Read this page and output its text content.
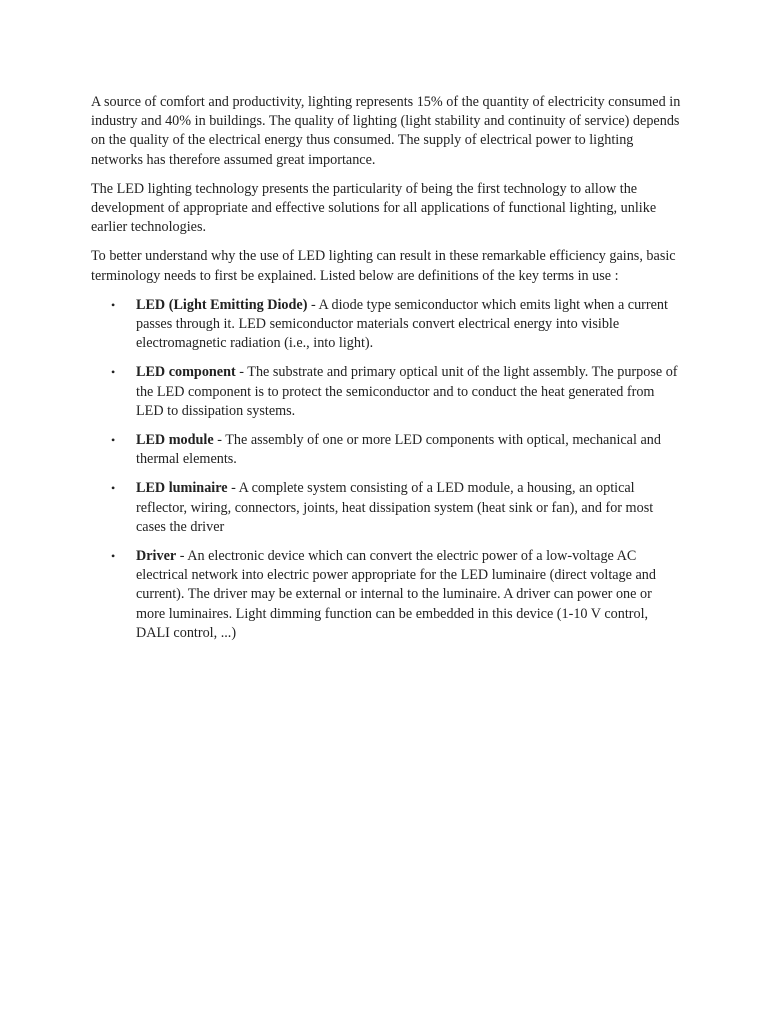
A source of comfort and productivity, lighting represents 15% of the quantity of electricity consumed in industry and 40% in buildings. The quality of lighting (light stability and continuity of service) depends on the quality of the electrical energy thus consumed. The supply of electrical power to lighting networks has therefore assumed great importance.

The LED lighting technology presents the particularity of being the first technology to allow the development of appropriate and effective solutions for all applications of functional lighting, unlike earlier technologies.

To better understand why the use of LED lighting can result in these remarkable efficiency gains, basic terminology needs to first be explained. Listed below are definitions of the key terms in use :

• LED (Light Emitting Diode) - A diode type semiconductor which emits light when a current passes through it. LED semiconductor materials convert electrical energy into visible electromagnetic radiation (i.e., into light).
• LED component - The substrate and primary optical unit of the light assembly. The purpose of the LED component is to protect the semiconductor and to conduct the heat generated from LED to dissipation systems.
• LED module - The assembly of one or more LED components with optical, mechanical and thermal elements.
• LED luminaire - A complete system consisting of a LED module, a housing, an optical reflector, wiring, connectors, joints, heat dissipation system (heat sink or fan), and for most cases the driver
• Driver - An electronic device which can convert the electric power of a low-voltage AC electrical network into electric power appropriate for the LED luminaire (direct voltage and current). The driver may be external or internal to the luminaire. A driver can power one or more luminaires. Light dimming function can be embedded in this device (1-10 V control, DALI control, ...)
